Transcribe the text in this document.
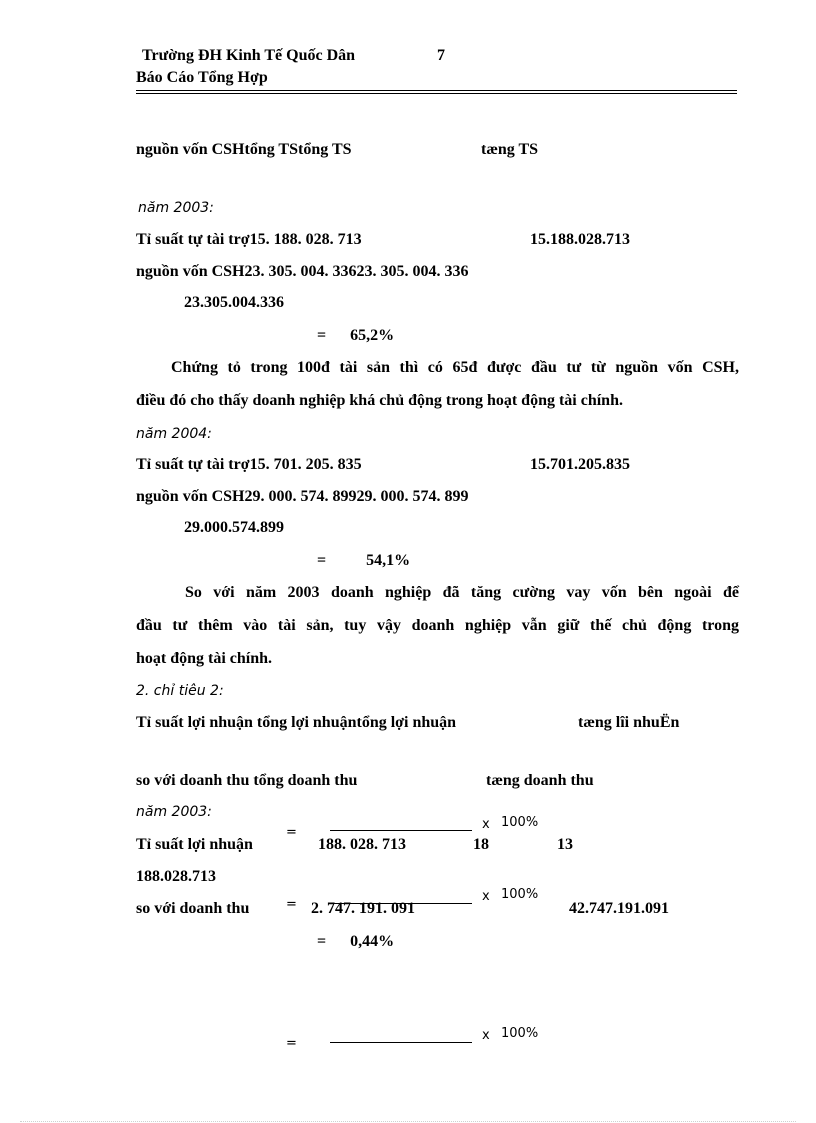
Trường ĐH Kinh Tế Quốc Dân	7
Báo Cáo Tổng Hợp
nguồn vốn CSHtổng TStổng TS	tæng TS
năm 2003:
Tỉ suất tự tài trợ15. 188. 028. 713	15.188.028.713
nguồn vốn CSH23. 305. 004. 33623. 305. 004. 336
23.305.004.336
=      65,2%
Chứng tỏ trong 100đ tài sản thì có 65đ được đầu tư từ nguồn vốn CSH,
điều đó cho thấy doanh nghiệp khá chủ động trong hoạt động tài chính.
năm 2004:
Tỉ suất tự tài trợ15. 701. 205. 835	15.701.205.835
nguồn vốn CSH29. 000. 574. 89929. 000. 574. 899
29.000.574.899
=          54,1%
So với năm 2003 doanh nghiệp đã tăng cường vay vốn bên ngoài để
đầu tư thêm vào tài sản, tuy vậy doanh nghiệp vẫn giữ thế chủ động trong
hoạt động tài chính.
2. chỉ tiêu 2:
Tỉ suất lợi nhuận tổng lợi nhuậntổng lợi nhuận	tæng lîi nhuËn
so với doanh thu tổng doanh thu	tæng doanh thu
năm 2003:
=
x 100%
Tỉ suất lợi nhuận	188. 028. 713	18	13
188.028.713
=
x 100%
so với doanh thu	2. 747. 191. 091	42.747.191.091
=      0,44%
=
x 100%
